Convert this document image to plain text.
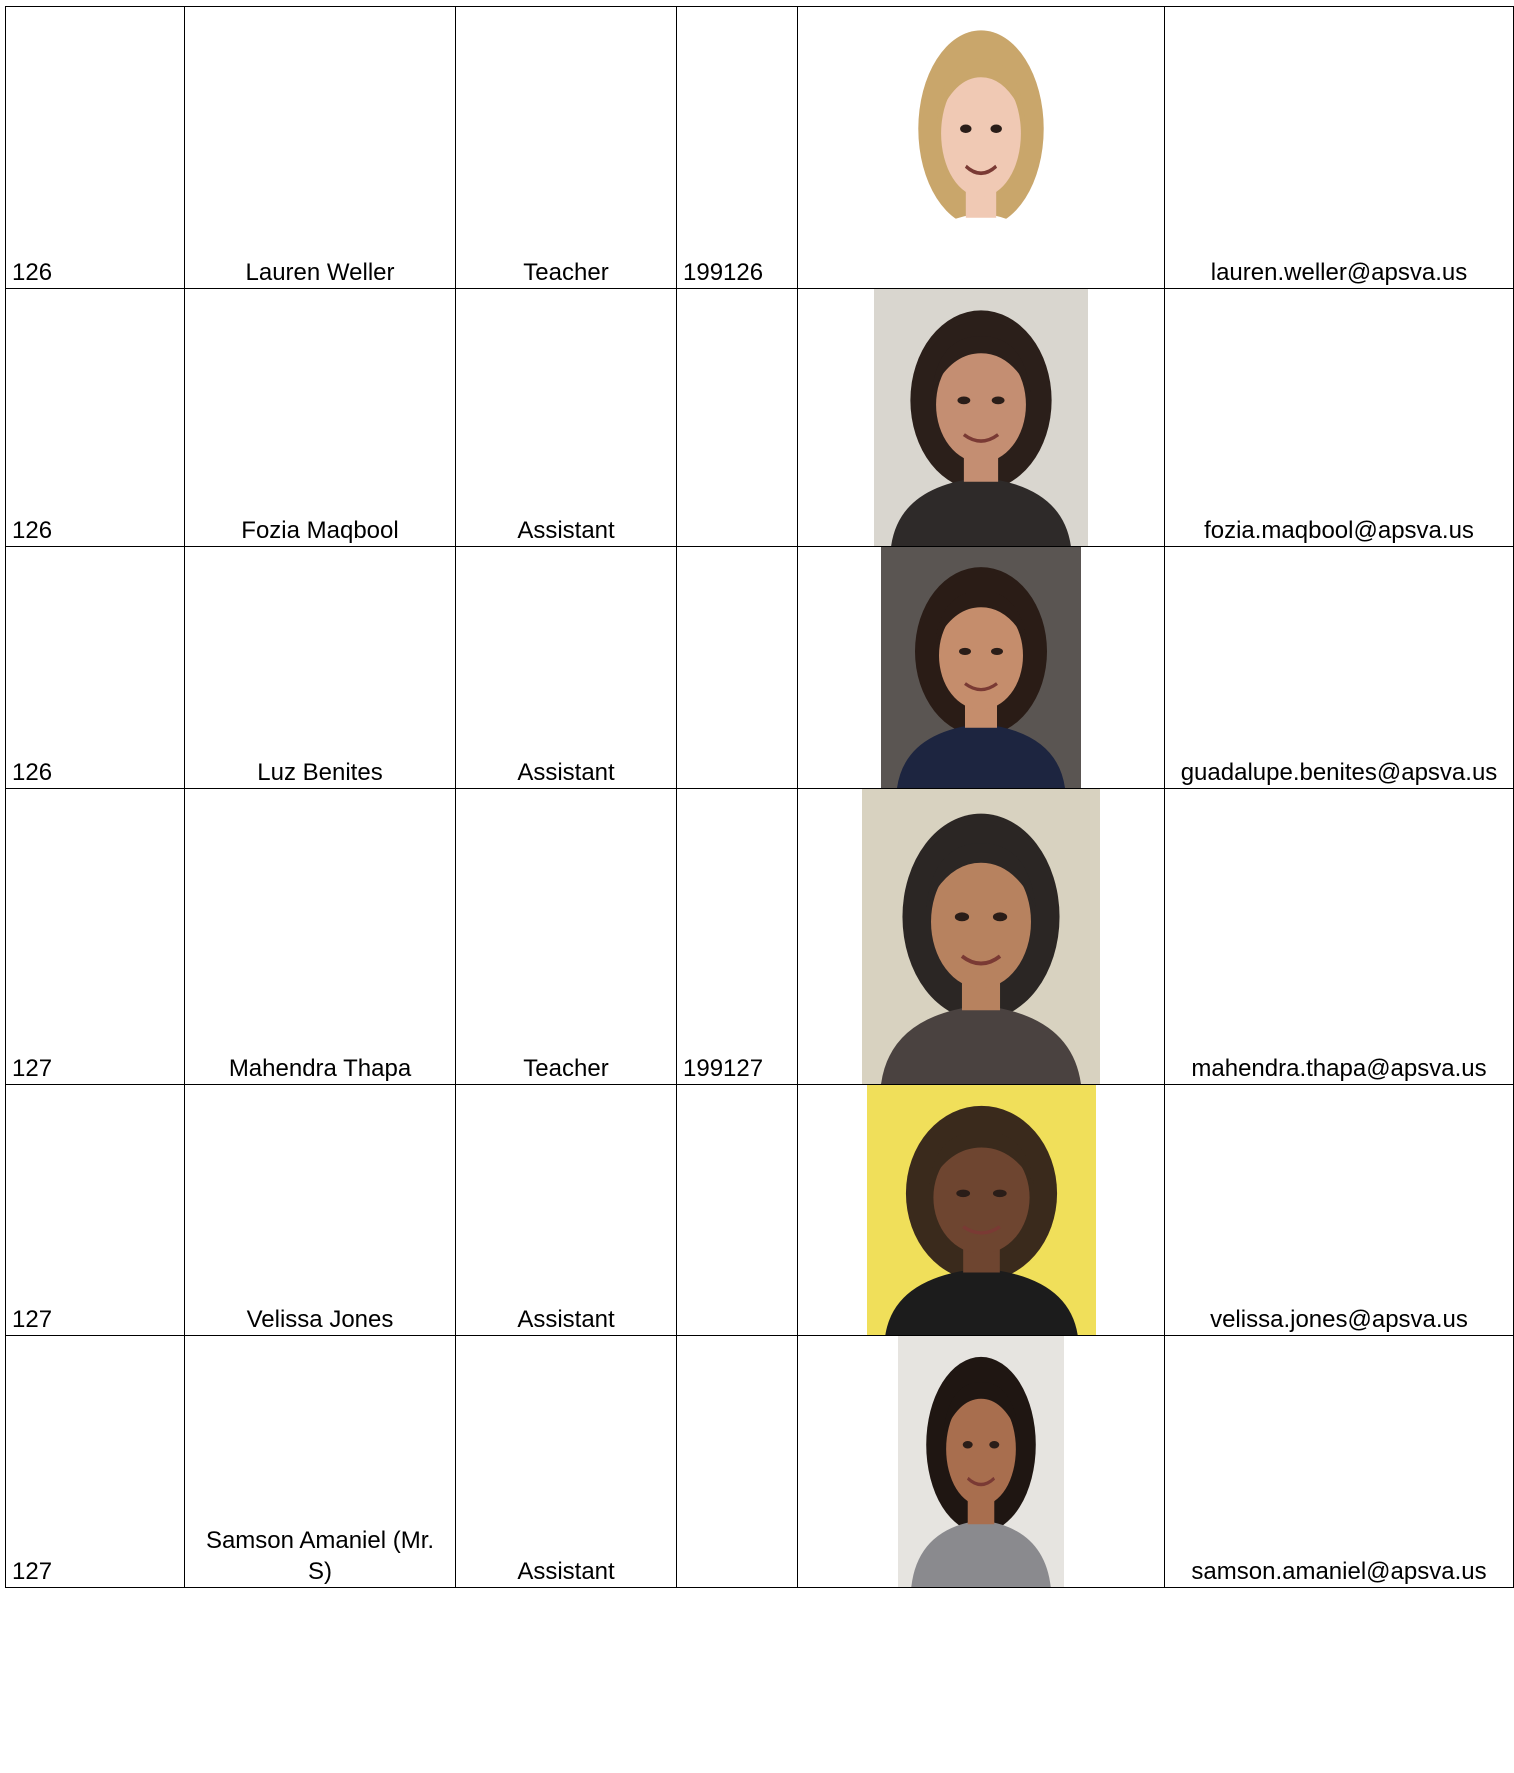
126	Lauren Weller	Teacher	199126		lauren.weller@apsva.us
126	Fozia Maqbool	Assistant			fozia.maqbool@apsva.us
126	Luz Benites	Assistant			guadalupe.benites@apsva.us
127	Mahendra Thapa	Teacher	199127		mahendra.thapa@apsva.us
127	Velissa Jones	Assistant			velissa.jones@apsva.us
127	Samson Amaniel (Mr. S)	Assistant			samson.amaniel@apsva.us
